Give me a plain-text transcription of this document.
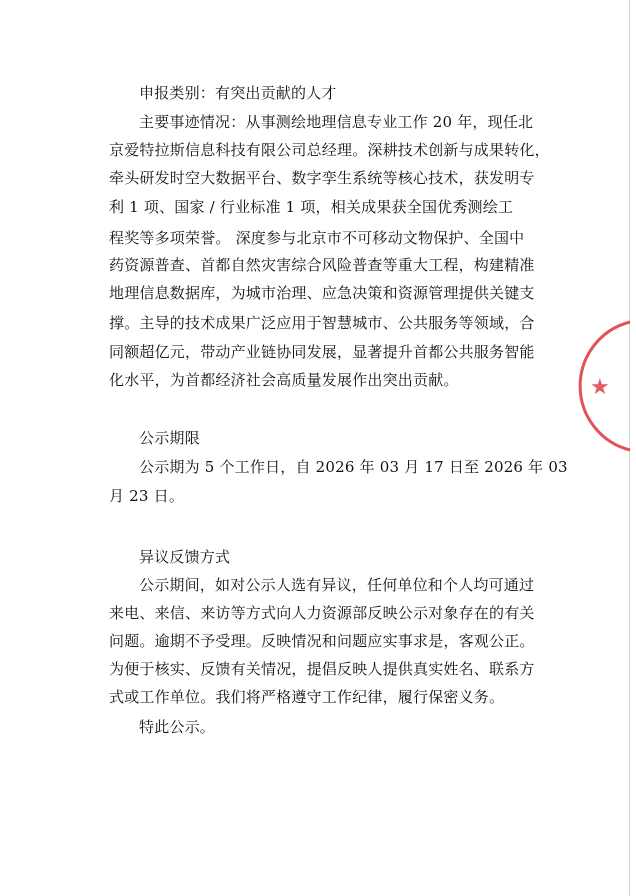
★
申报类别：有突出贡献的人才
主要事迹情况：从事测绘地理信息专业工作 20 年，现任北
京爱特拉斯信息科技有限公司总经理。深耕技术创新与成果转化，
牵头研发时空大数据平台、数字孪生系统等核心技术，获发明专
利 1 项、国家 / 行业标准 1 项，相关成果获全国优秀测绘工
程奖等多项荣誉。 深度参与北京市不可移动文物保护、全国中
药资源普查、首都自然灾害综合风险普查等重大工程，构建精准
地理信息数据库，为城市治理、应急决策和资源管理提供关键支
撑。主导的技术成果广泛应用于智慧城市、公共服务等领域，合
同额超亿元，带动产业链协同发展，显著提升首都公共服务智能
化水平，为首都经济社会高质量发展作出突出贡献。
公示期限
公示期为 5 个工作日，自 2026 年 03 月 17 日至 2026 年 03
月 23 日。
异议反馈方式
公示期间，如对公示人选有异议，任何单位和个人均可通过
来电、来信、来访等方式向人力资源部反映公示对象存在的有关
问题。逾期不予受理。反映情况和问题应实事求是，客观公正。
为便于核实、反馈有关情况，提倡反映人提供真实姓名、联系方
式或工作单位。我们将严格遵守工作纪律，履行保密义务。
特此公示。
